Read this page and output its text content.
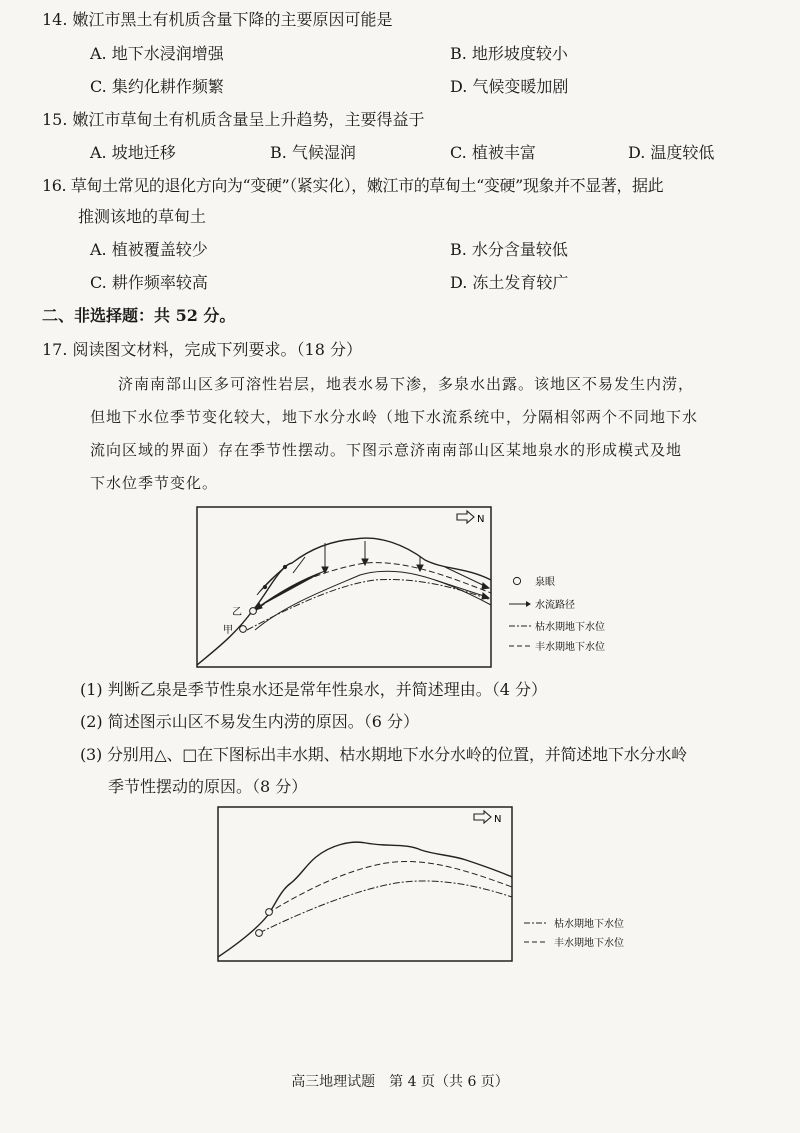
14. 嫩江市黑土有机质含量下降的主要原因可能是
A. 地下水浸润增强	B. 地形坡度较小
C. 集约化耕作频繁	D. 气候变暖加剧
15. 嫩江市草甸土有机质含量呈上升趋势，主要得益于
A. 坡地迁移	B. 气候湿润	C. 植被丰富	D. 温度较低
16. 草甸土常见的退化方向为“变硬”（紧实化），嫩江市的草甸土“变硬”现象并不显著，据此
推测该地的草甸土
A. 植被覆盖较少	B. 水分含量较低
C. 耕作频率较高	D. 冻土发育较广
二、非选择题：共 52 分。
17. 阅读图文材料，完成下列要求。（18 分）
济南南部山区多可溶性岩层，地表水易下渗，多泉水出露。该地区不易发生内涝，
但地下水位季节变化较大，地下水分水岭（地下水流系统中，分隔相邻两个不同地下水
流向区域的界面）存在季节性摆动。下图示意济南南部山区某地泉水的形成模式及地
下水位季节变化。
N
乙
甲
泉眼
水流路径
枯水期地下水位
丰水期地下水位
(1) 判断乙泉是季节性泉水还是常年性泉水，并简述理由。（4 分）
(2) 简述图示山区不易发生内涝的原因。（6 分）
(3) 分别用△、□在下图标出丰水期、枯水期地下水分水岭的位置，并简述地下水分水岭
季节性摆动的原因。（8 分）
N
枯水期地下水位
丰水期地下水位
高三地理试题　第 4 页（共 6 页）
